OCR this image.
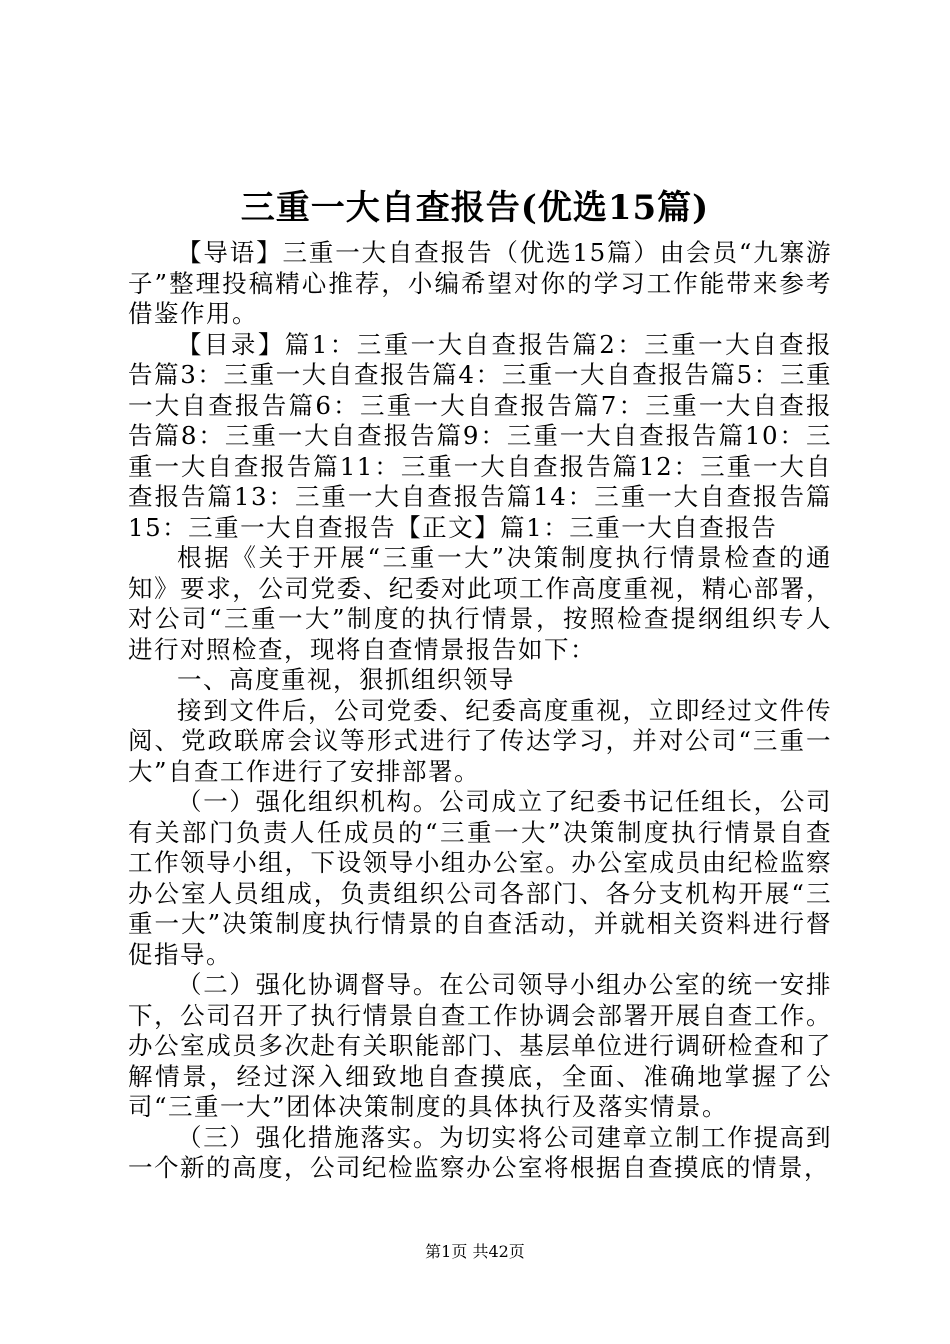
三重一大自查报告(优选15篇)

【导语】三重一大自查报告（优选15篇）由会员“九寨游子”整理投稿精心推荐，小编希望对你的学习工作能带来参考借鉴作用。

【目录】篇1：三重一大自查报告篇2：三重一大自查报告篇3：三重一大自查报告篇4：三重一大自查报告篇5：三重一大自查报告篇6：三重一大自查报告篇7：三重一大自查报告篇8：三重一大自查报告篇9：三重一大自查报告篇10：三重一大自查报告篇11：三重一大自查报告篇12：三重一大自查报告篇13：三重一大自查报告篇14：三重一大自查报告篇15：三重一大自查报告【正文】篇1：三重一大自查报告

根据《关于开展“三重一大”决策制度执行情景检查的通知》要求，公司党委、纪委对此项工作高度重视，精心部署，对公司“三重一大”制度的执行情景，按照检查提纲组织专人进行对照检查，现将自查情景报告如下：

一、高度重视，狠抓组织领导

接到文件后，公司党委、纪委高度重视，立即经过文件传阅、党政联席会议等形式进行了传达学习，并对公司“三重一大”自查工作进行了安排部署。

（一）强化组织机构。公司成立了纪委书记任组长，公司有关部门负责人任成员的“三重一大”决策制度执行情景自查工作领导小组，下设领导小组办公室。办公室成员由纪检监察办公室人员组成，负责组织公司各部门、各分支机构开展“三重一大”决策制度执行情景的自查活动，并就相关资料进行督促指导。

（二）强化协调督导。在公司领导小组办公室的统一安排下，公司召开了执行情景自查工作协调会部署开展自查工作。办公室成员多次赴有关职能部门、基层单位进行调研检查和了解情景，经过深入细致地自查摸底，全面、准确地掌握了公司“三重一大”团体决策制度的具体执行及落实情景。

（三）强化措施落实。为切实将公司建章立制工作提高到一个新的高度，公司纪检监察办公室将根据自查摸底的情景，

第1页 共42页
